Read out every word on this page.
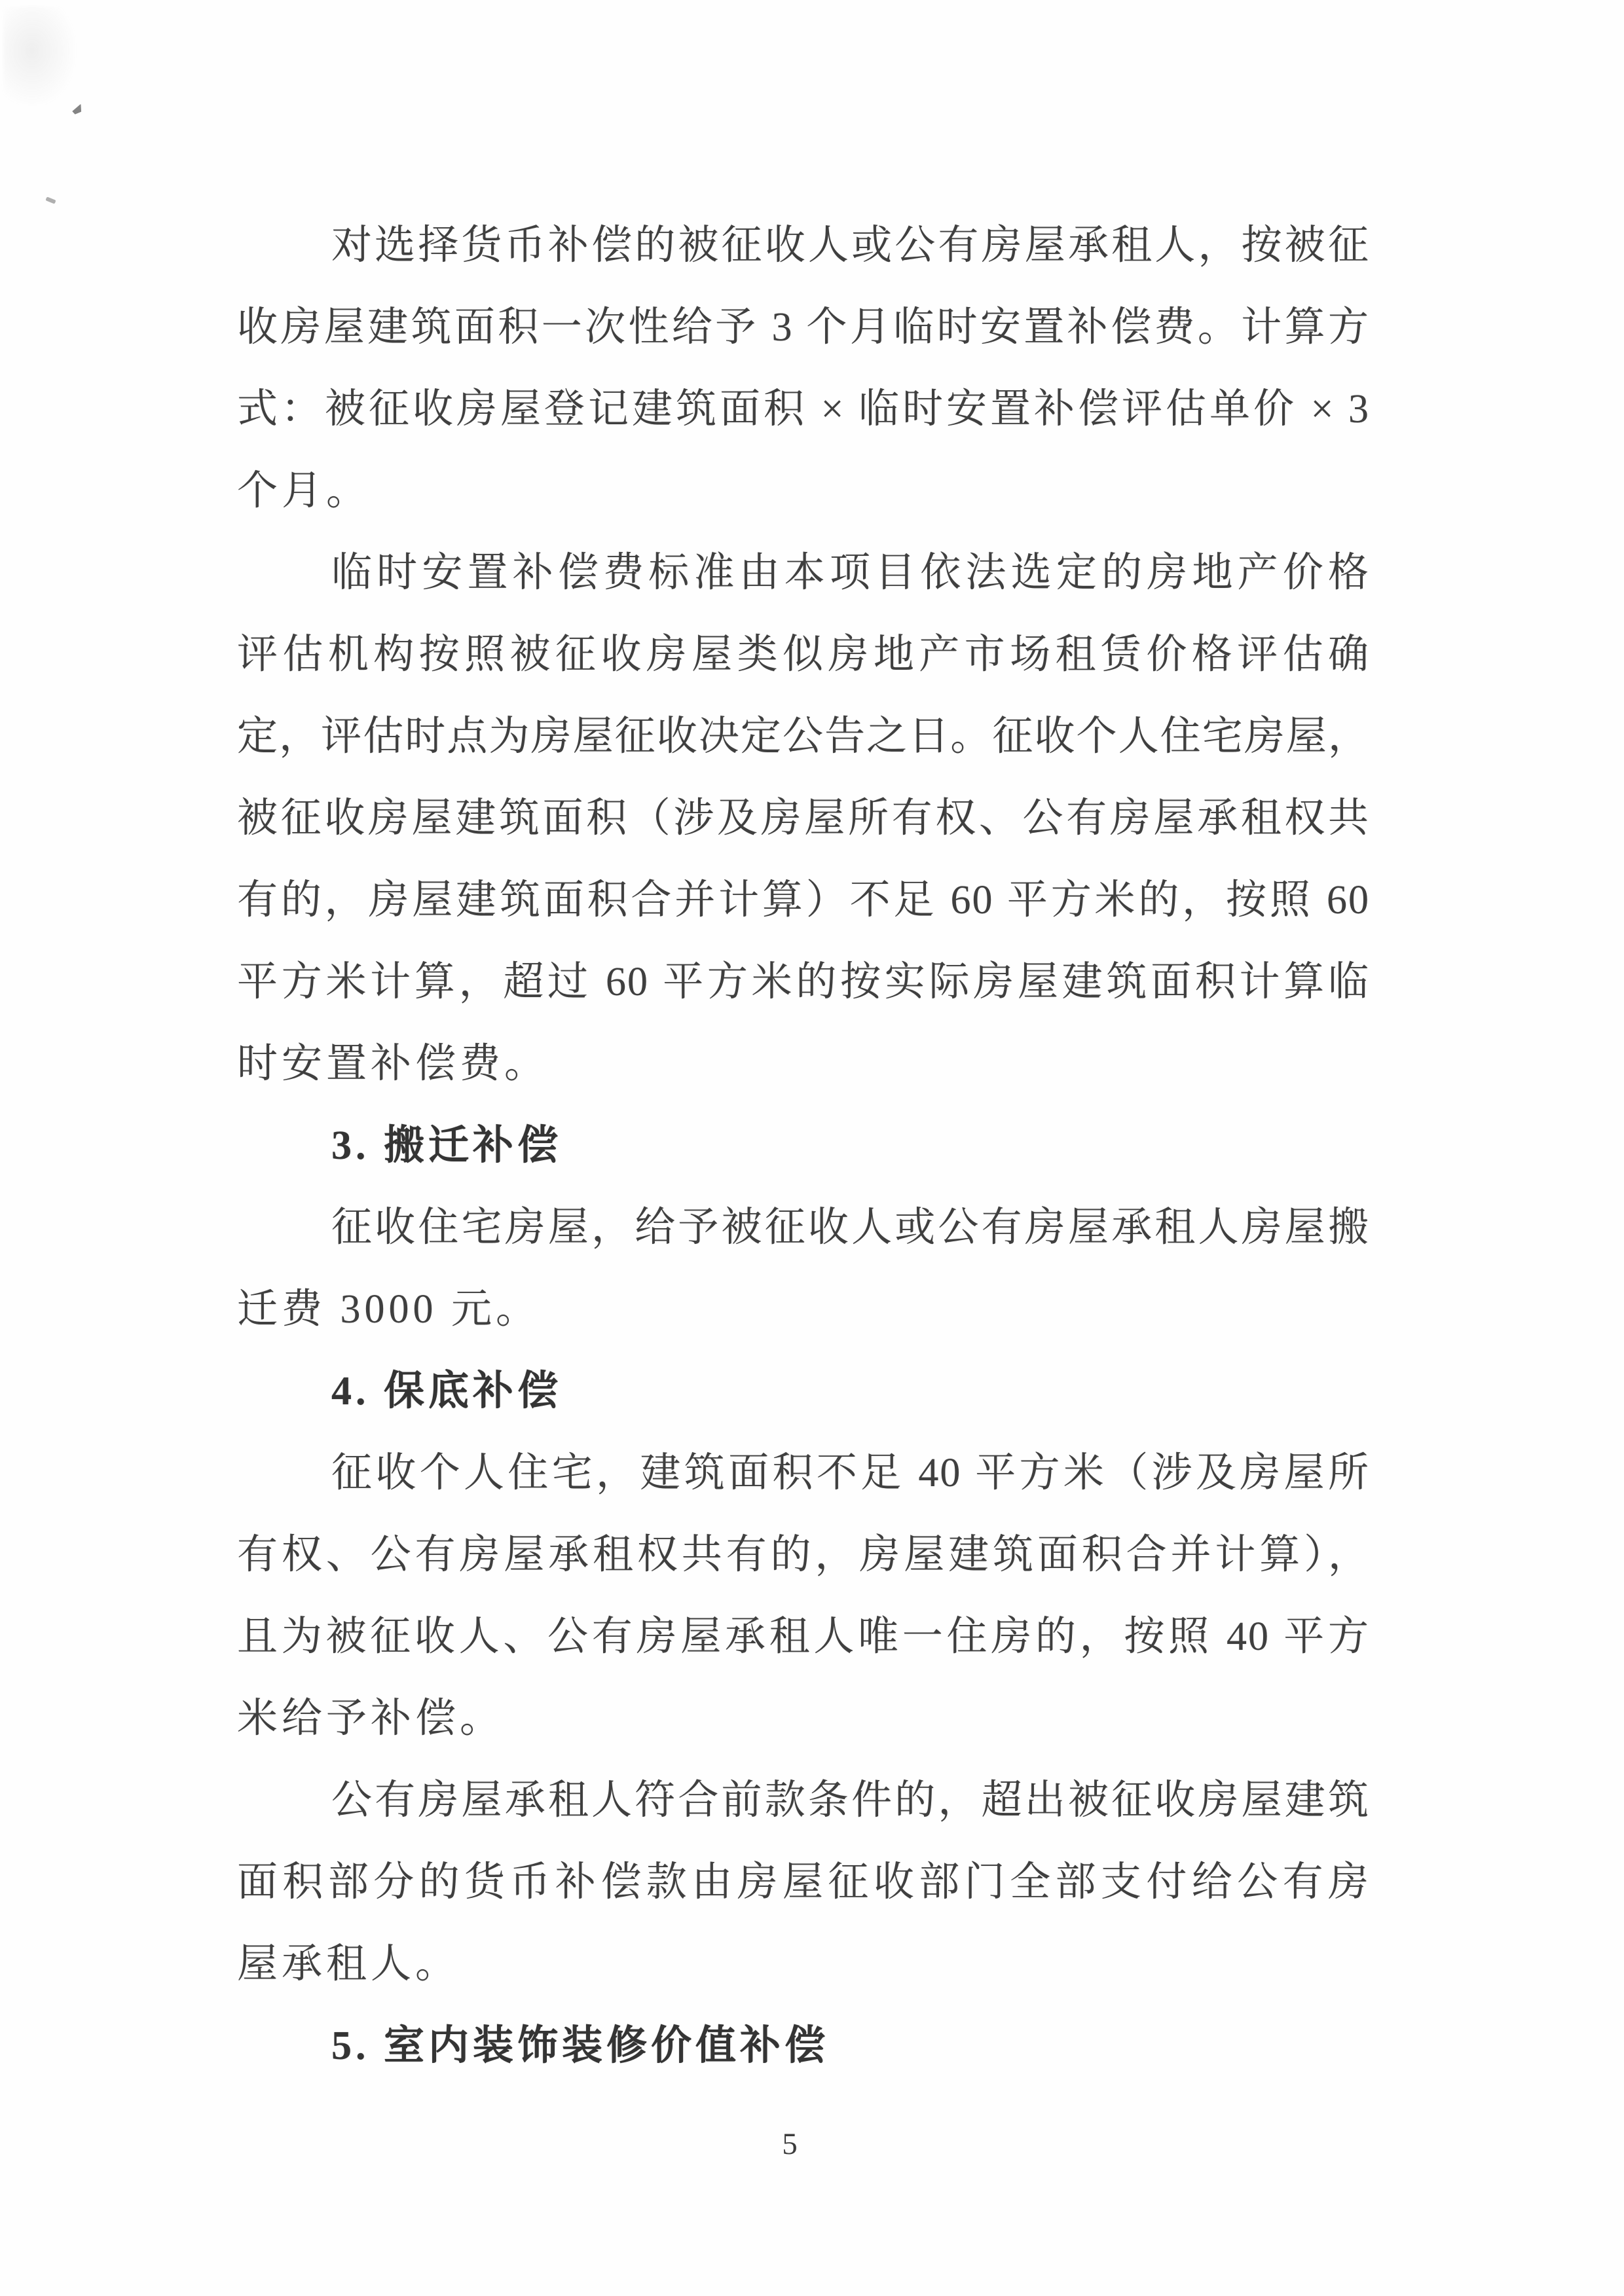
对选择货币补偿的被征收人或公有房屋承租人，按被征
收房屋建筑面积一次性给予 3 个月临时安置补偿费。计算方
式：被征收房屋登记建筑面积 × 临时安置补偿评估单价 × 3
个月。
临时安置补偿费标准由本项目依法选定的房地产价格
评估机构按照被征收房屋类似房地产市场租赁价格评估确
定，评估时点为房屋征收决定公告之日。征收个人住宅房屋，
被征收房屋建筑面积（涉及房屋所有权、公有房屋承租权共
有的，房屋建筑面积合并计算）不足 60 平方米的，按照 60
平方米计算，超过 60 平方米的按实际房屋建筑面积计算临
时安置补偿费。
3. 搬迁补偿
征收住宅房屋，给予被征收人或公有房屋承租人房屋搬
迁费 3000 元。
4. 保底补偿
征收个人住宅，建筑面积不足 40 平方米（涉及房屋所
有权、公有房屋承租权共有的，房屋建筑面积合并计算），
且为被征收人、公有房屋承租人唯一住房的，按照 40 平方
米给予补偿。
公有房屋承租人符合前款条件的，超出被征收房屋建筑
面积部分的货币补偿款由房屋征收部门全部支付给公有房
屋承租人。
5. 室内装饰装修价值补偿
5
